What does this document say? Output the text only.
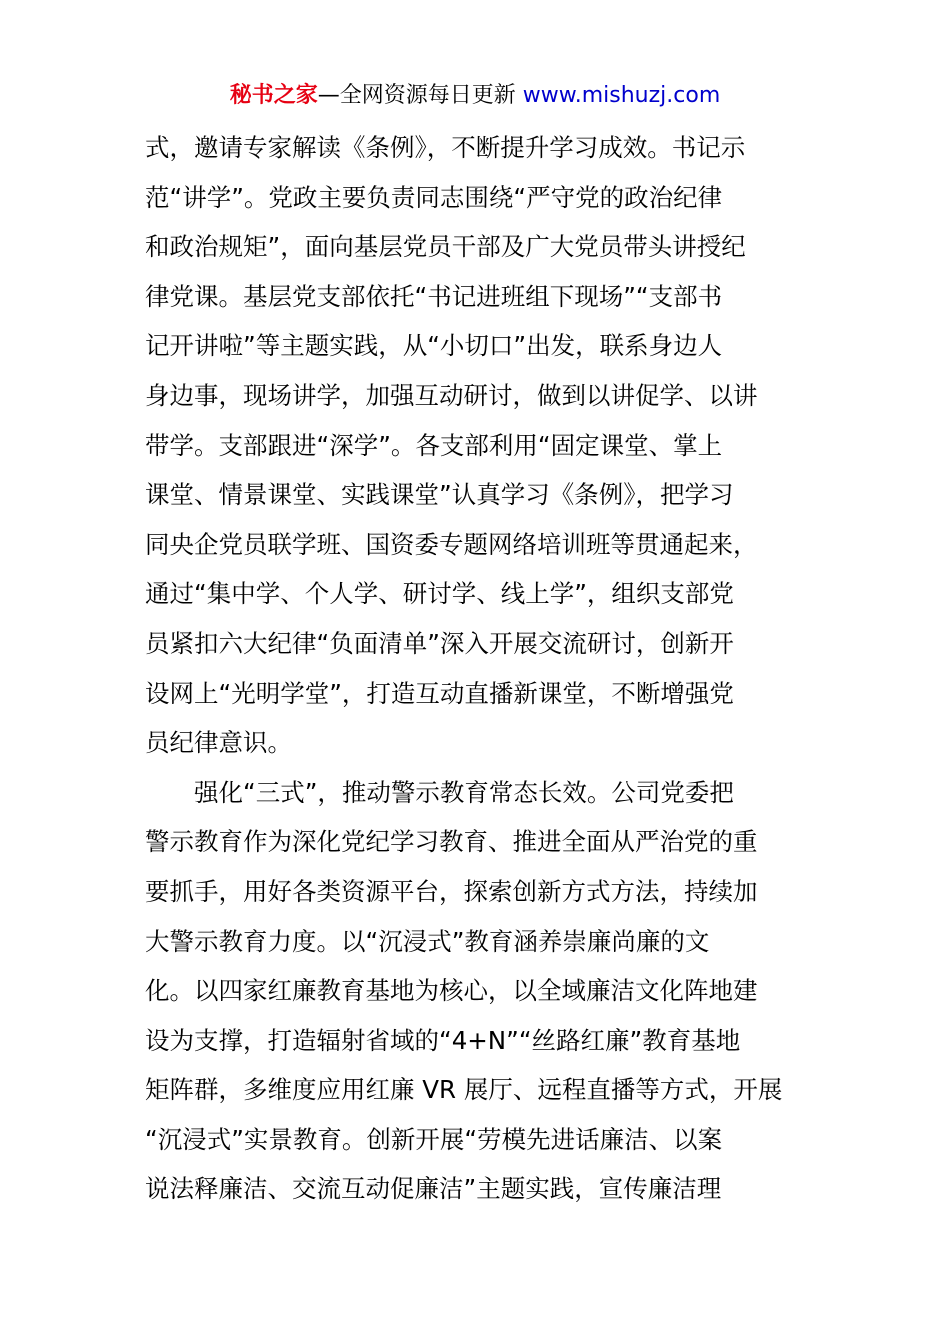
秘书之家—全网资源每日更新 www.mishuzj.com
式，邀请专家解读《条例》，不断提升学习成效。书记示
范“讲学”。党政主要负责同志围绕“严守党的政治纪律
和政治规矩”，面向基层党员干部及广大党员带头讲授纪
律党课。基层党支部依托“书记进班组下现场”“支部书
记开讲啦”等主题实践，从“小切口”出发，联系身边人
身边事，现场讲学，加强互动研讨，做到以讲促学、以讲
带学。支部跟进“深学”。各支部利用“固定课堂、掌上
课堂、情景课堂、实践课堂”认真学习《条例》，把学习
同央企党员联学班、国资委专题网络培训班等贯通起来，
通过“集中学、个人学、研讨学、线上学”，组织支部党
员紧扣六大纪律“负面清单”深入开展交流研讨，创新开
设网上“光明学堂”，打造互动直播新课堂，不断增强党
员纪律意识。
强化“三式”，推动警示教育常态长效。公司党委把
警示教育作为深化党纪学习教育、推进全面从严治党的重
要抓手，用好各类资源平台，探索创新方式方法，持续加
大警示教育力度。以“沉浸式”教育涵养崇廉尚廉的文
化。以四家红廉教育基地为核心，以全域廉洁文化阵地建
设为支撑，打造辐射省域的“4+N”“丝路红廉”教育基地
矩阵群，多维度应用红廉 VR 展厅、远程直播等方式，开展
“沉浸式”实景教育。创新开展“劳模先进话廉洁、以案
说法释廉洁、交流互动促廉洁”主题实践，宣传廉洁理
